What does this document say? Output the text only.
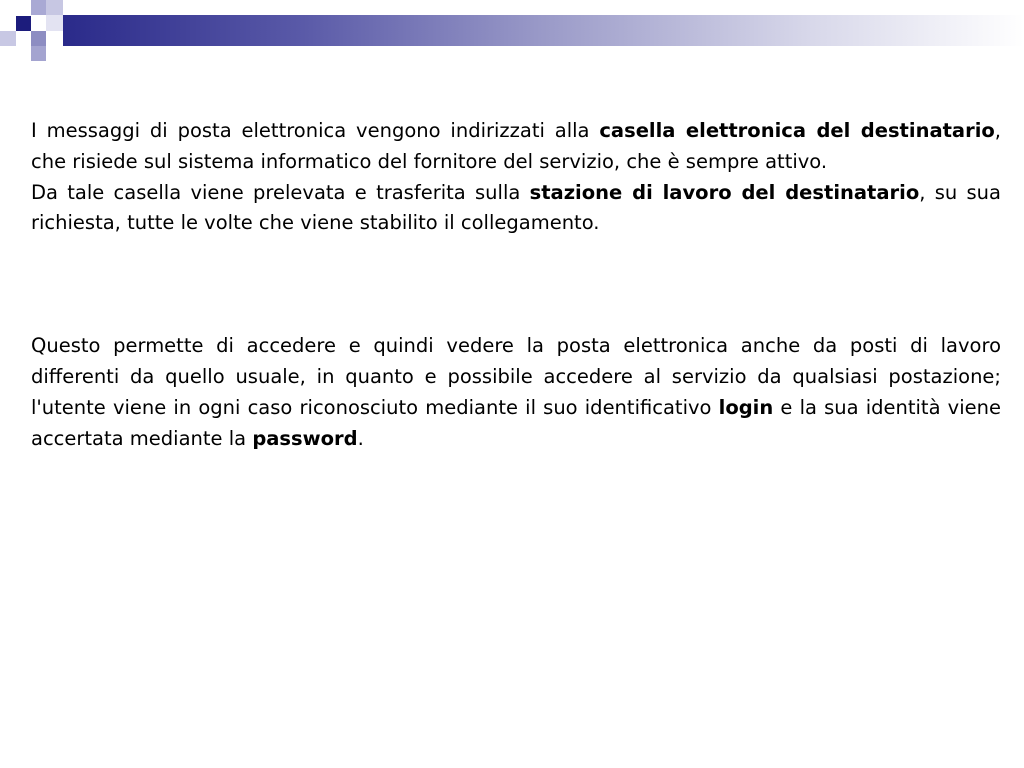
I messaggi di posta elettronica vengono indirizzati alla casella elettronica del destinatario, che risiede sul sistema informatico del fornitore del servizio, che è sempre attivo.

Da tale casella viene prelevata e trasferita sulla stazione di lavoro del destinatario, su sua richiesta, tutte le volte che viene stabilito il collegamento.

Questo permette di accedere e quindi vedere la posta elettronica anche da posti di lavoro differenti da quello usuale, in quanto e possibile accedere al servizio da qualsiasi postazione; l'utente viene in ogni caso riconosciuto mediante il suo identificativo login e la sua identità viene accertata mediante la password.
